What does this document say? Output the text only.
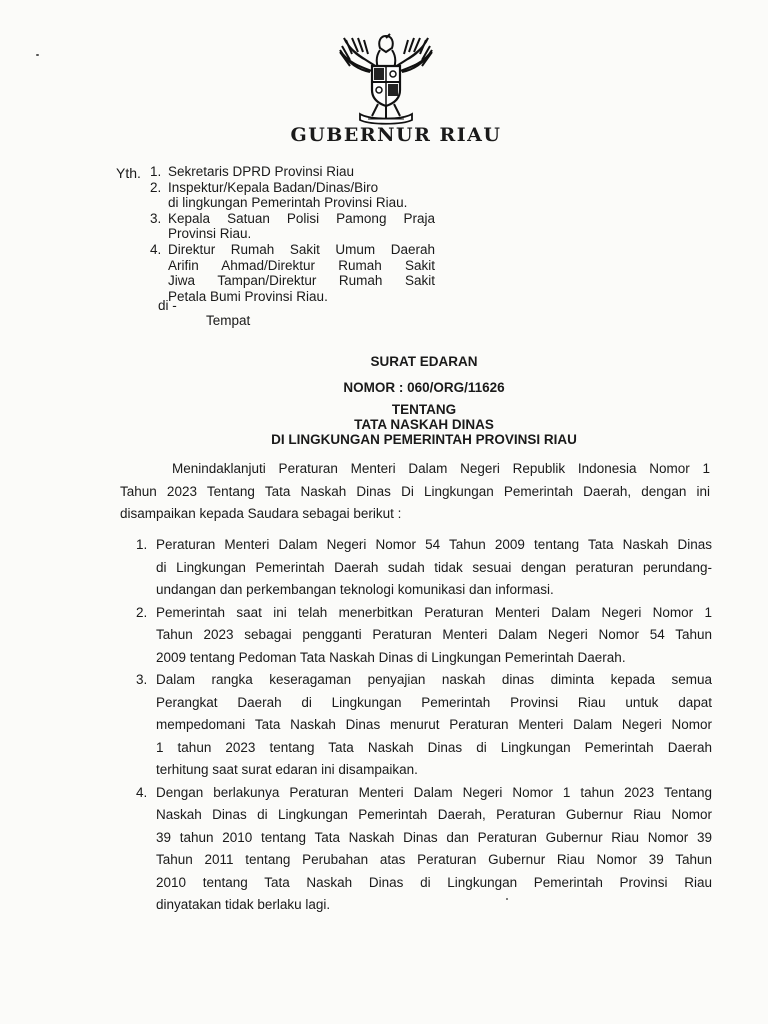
GUBERNUR RIAU
Yth. 1. Sekretaris DPRD Provinsi Riau
2. Inspektur/Kepala Badan/Dinas/Biro
di lingkungan Pemerintah Provinsi Riau.
3. Kepala Satuan Polisi Pamong Praja
Provinsi Riau.
4. Direktur Rumah Sakit Umum Daerah
Arifin Ahmad/Direktur Rumah Sakit
Jiwa Tampan/Direktur Rumah Sakit
Petala Bumi Provinsi Riau.
di -
Tempat
SURAT EDARAN
NOMOR : 060/ORG/11626
TENTANG
TATA NASKAH DINAS
DI LINGKUNGAN PEMERINTAH PROVINSI RIAU
Menindaklanjuti Peraturan Menteri Dalam Negeri Republik Indonesia Nomor 1
Tahun 2023 Tentang Tata Naskah Dinas Di Lingkungan Pemerintah Daerah, dengan ini
disampaikan kepada Saudara sebagai berikut :
1. Peraturan Menteri Dalam Negeri Nomor 54 Tahun 2009 tentang Tata Naskah Dinas
di Lingkungan Pemerintah Daerah sudah tidak sesuai dengan peraturan perundang-
undangan dan perkembangan teknologi komunikasi dan informasi.
2. Pemerintah saat ini telah menerbitkan Peraturan Menteri Dalam Negeri Nomor 1
Tahun 2023 sebagai pengganti Peraturan Menteri Dalam Negeri Nomor 54 Tahun
2009 tentang Pedoman Tata Naskah Dinas di Lingkungan Pemerintah Daerah.
3. Dalam rangka keseragaman penyajian naskah dinas diminta kepada semua
Perangkat Daerah di Lingkungan Pemerintah Provinsi Riau untuk dapat
mempedomani Tata Naskah Dinas menurut Peraturan Menteri Dalam Negeri Nomor
1 tahun 2023 tentang Tata Naskah Dinas di Lingkungan Pemerintah Daerah
terhitung saat surat edaran ini disampaikan.
4. Dengan berlakunya Peraturan Menteri Dalam Negeri Nomor 1 tahun 2023 Tentang
Naskah Dinas di Lingkungan Pemerintah Daerah, Peraturan Gubernur Riau Nomor
39 tahun 2010 tentang Tata Naskah Dinas dan Peraturan Gubernur Riau Nomor 39
Tahun 2011 tentang Perubahan atas Peraturan Gubernur Riau Nomor 39 Tahun
2010 tentang Tata Naskah Dinas di Lingkungan Pemerintah Provinsi Riau
dinyatakan tidak berlaku lagi.
